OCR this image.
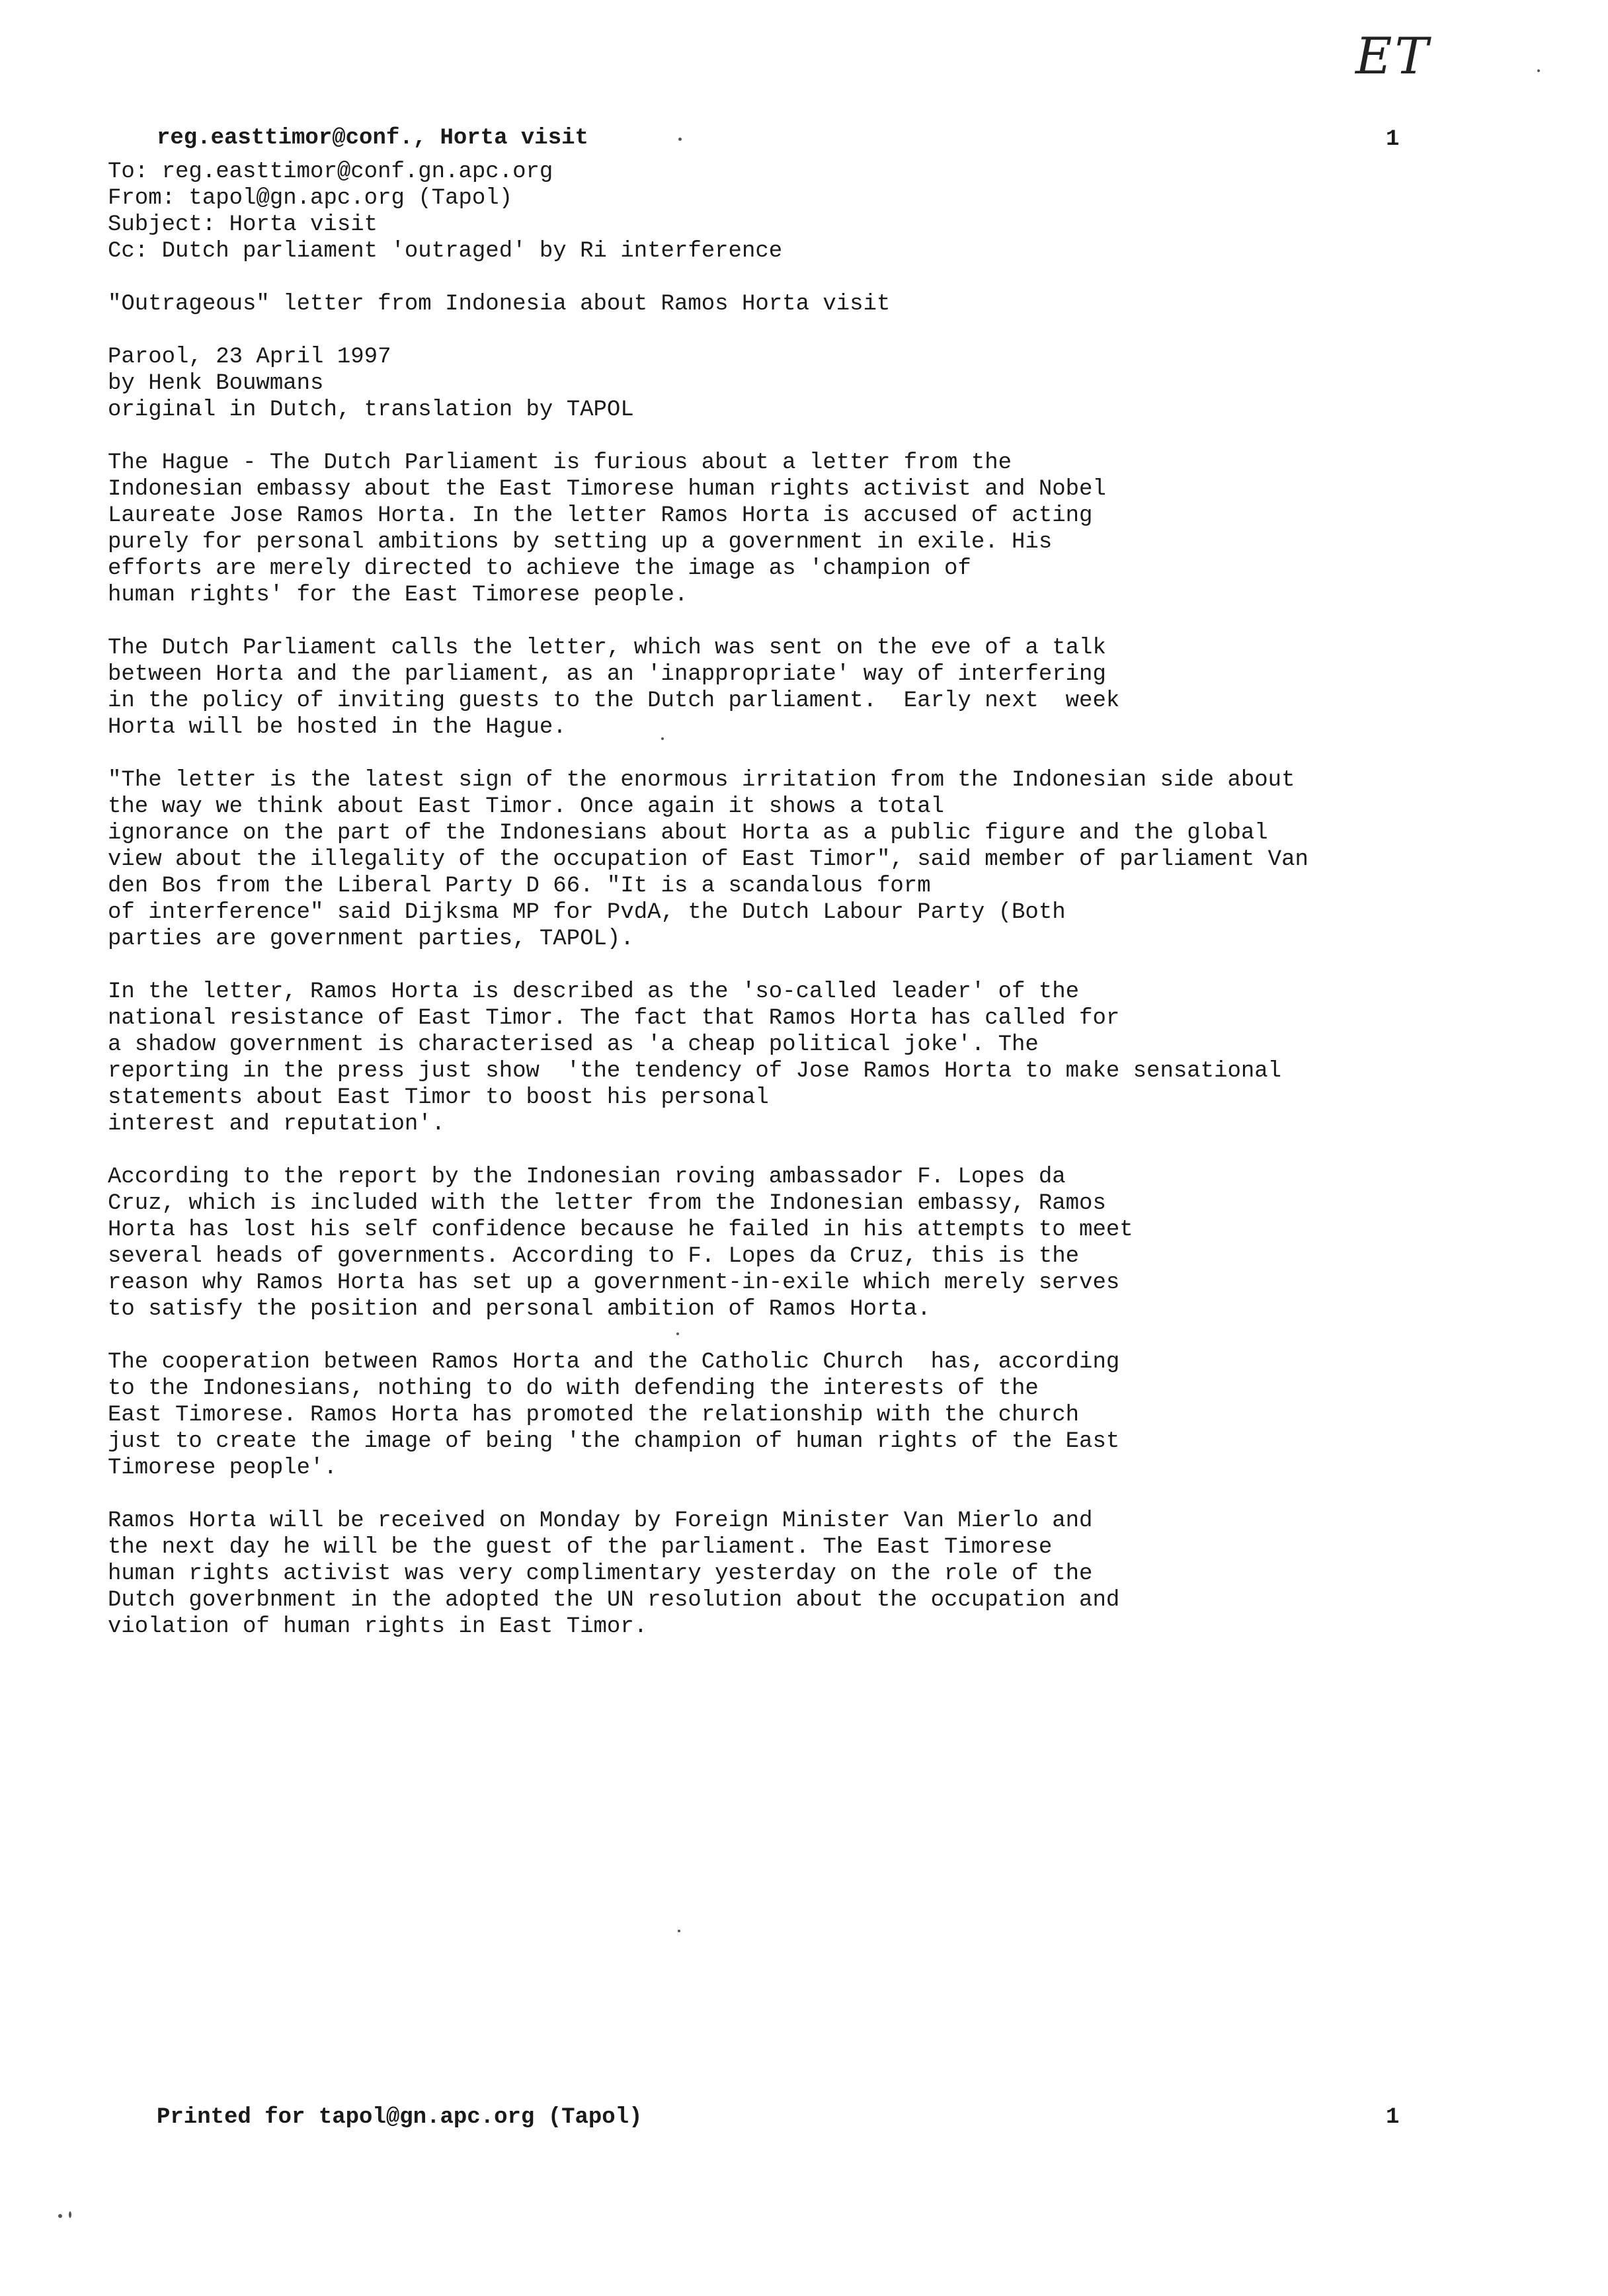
ET
reg.easttimor@conf., Horta visit	1
To: reg.easttimor@conf.gn.apc.org
From: tapol@gn.apc.org (Tapol)
Subject: Horta visit
Cc: Dutch parliament 'outraged' by Ri interference
"Outrageous" letter from Indonesia about Ramos Horta visit
Parool, 23 April 1997
by Henk Bouwmans
original in Dutch, translation by TAPOL
The Hague - The Dutch Parliament is furious about a letter from the
Indonesian embassy about the East Timorese human rights activist and Nobel
Laureate Jose Ramos Horta. In the letter Ramos Horta is accused of acting
purely for personal ambitions by setting up a government in exile. His
efforts are merely directed to achieve the image as 'champion of
human rights' for the East Timorese people.
The Dutch Parliament calls the letter, which was sent on the eve of a talk
between Horta and the parliament, as an 'inappropriate' way of interfering
in the policy of inviting guests to the Dutch parliament.  Early next  week
Horta will be hosted in the Hague.
"The letter is the latest sign of the enormous irritation from the Indonesian side about
the way we think about East Timor. Once again it shows a total
ignorance on the part of the Indonesians about Horta as a public figure and the global
view about the illegality of the occupation of East Timor", said member of parliament Van
den Bos from the Liberal Party D 66. "It is a scandalous form
of interference" said Dijksma MP for PvdA, the Dutch Labour Party (Both
parties are government parties, TAPOL).
In the letter, Ramos Horta is described as the 'so-called leader' of the
national resistance of East Timor. The fact that Ramos Horta has called for
a shadow government is characterised as 'a cheap political joke'. The
reporting in the press just show  'the tendency of Jose Ramos Horta to make sensational
statements about East Timor to boost his personal
interest and reputation'.
According to the report by the Indonesian roving ambassador F. Lopes da
Cruz, which is included with the letter from the Indonesian embassy, Ramos
Horta has lost his self confidence because he failed in his attempts to meet
several heads of governments. According to F. Lopes da Cruz, this is the
reason why Ramos Horta has set up a government-in-exile which merely serves
to satisfy the position and personal ambition of Ramos Horta.
The cooperation between Ramos Horta and the Catholic Church  has, according
to the Indonesians, nothing to do with defending the interests of the
East Timorese. Ramos Horta has promoted the relationship with the church
just to create the image of being 'the champion of human rights of the East
Timorese people'.
Ramos Horta will be received on Monday by Foreign Minister Van Mierlo and
the next day he will be the guest of the parliament. The East Timorese
human rights activist was very complimentary yesterday on the role of the
Dutch goverbnment in the adopted the UN resolution about the occupation and
violation of human rights in East Timor.
Printed for tapol@gn.apc.org (Tapol)	1
